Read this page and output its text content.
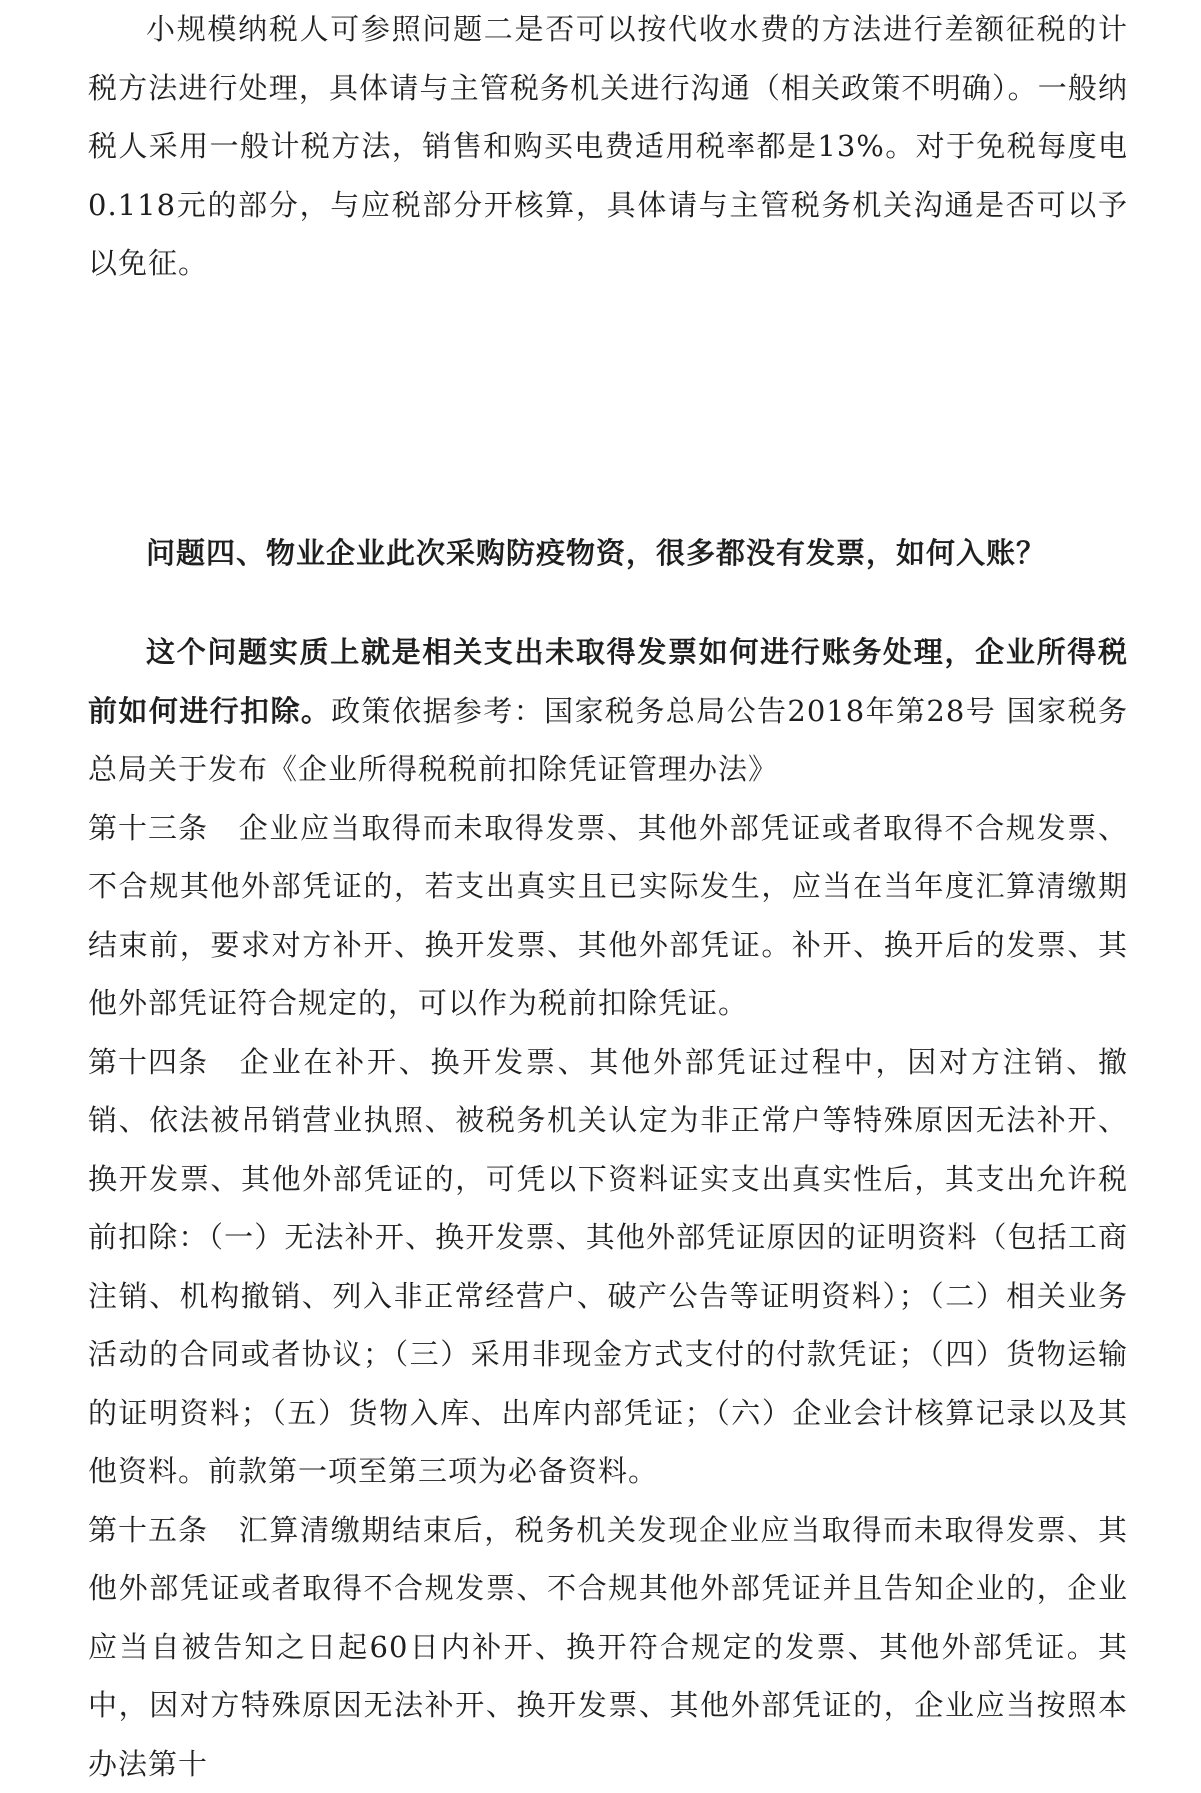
小规模纳税人可参照问题二是否可以按代收水费的方法进行差额征税的计税方法进行处理，具体请与主管税务机关进行沟通（相关政策不明确）。一般纳税人采用一般计税方法，销售和购买电费适用税率都是13%。对于免税每度电0.118元的部分，与应税部分开核算，具体请与主管税务机关沟通是否可以予以免征。

问题四、物业企业此次采购防疫物资，很多都没有发票，如何入账？

这个问题实质上就是相关支出未取得发票如何进行账务处理，企业所得税前如何进行扣除。政策依据参考：国家税务总局公告2018年第28号 国家税务总局关于发布《企业所得税税前扣除凭证管理办法》

第十三条 企业应当取得而未取得发票、其他外部凭证或者取得不合规发票、不合规其他外部凭证的，若支出真实且已实际发生，应当在当年度汇算清缴期结束前，要求对方补开、换开发票、其他外部凭证。补开、换开后的发票、其他外部凭证符合规定的，可以作为税前扣除凭证。

第十四条 企业在补开、换开发票、其他外部凭证过程中，因对方注销、撤销、依法被吊销营业执照、被税务机关认定为非正常户等特殊原因无法补开、换开发票、其他外部凭证的，可凭以下资料证实支出真实性后，其支出允许税前扣除：（一）无法补开、换开发票、其他外部凭证原因的证明资料（包括工商注销、机构撤销、列入非正常经营户、破产公告等证明资料）；（二）相关业务活动的合同或者协议；（三）采用非现金方式支付的付款凭证；（四）货物运输的证明资料；（五）货物入库、出库内部凭证；（六）企业会计核算记录以及其他资料。前款第一项至第三项为必备资料。

第十五条 汇算清缴期结束后，税务机关发现企业应当取得而未取得发票、其他外部凭证或者取得不合规发票、不合规其他外部凭证并且告知企业的，企业应当自被告知之日起60日内补开、换开符合规定的发票、其他外部凭证。其中，因对方特殊原因无法补开、换开发票、其他外部凭证的，企业应当按照本办法第十
